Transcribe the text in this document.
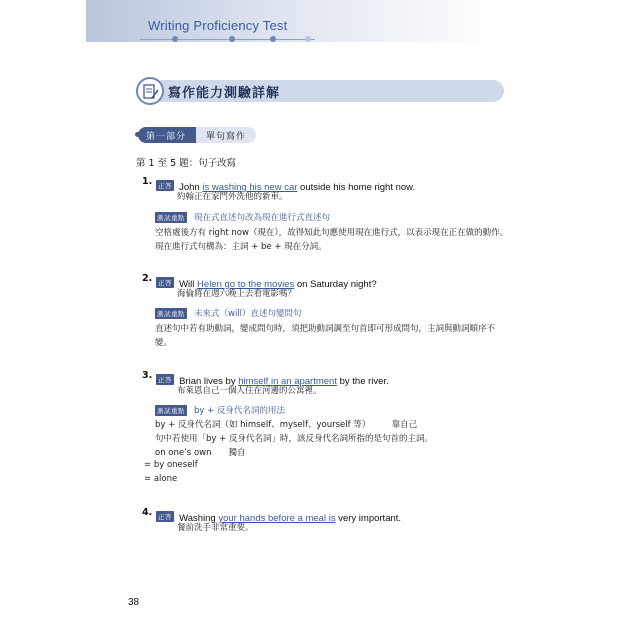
Writing Proficiency Test
寫作能力測驗詳解
第一部分	單句寫作
第 1 至 5 題：句子改寫
1. 正答 John is washing his new car outside his home right now.
約翰正在家門外洗他的新車。
測試重點 現在式直述句改為現在進行式直述句
空格處後方有 right now（現在），故得知此句應使用現在進行式，以表示現在正在做的動作。
現在進行式句構為：主詞 + be + 現在分詞。
2. 正答 Will Helen go to the movies on Saturday night?
海倫將在週六晚上去看電影嗎？
測試重點 未來式（will）直述句變問句
直述句中若有助動詞，變成問句時，須把助動詞調至句首即可形成問句，主詞與動詞順序不
變。
3. 正答 Brian lives by himself in an apartment by the river.
布萊恩自己一個人住在河邊的公寓裡。
測試重點 by + 反身代名詞的用法
by + 反身代名詞（如 himself、myself、yourself 等）　　　靠自己
句中若使用「by + 反身代名詞」時，該反身代名詞所指的是句首的主詞。
on one’s own　　獨自
= by oneself
= alone
4. 正答 Washing your hands before a meal is very important.
餐前洗手非常重要。
38
